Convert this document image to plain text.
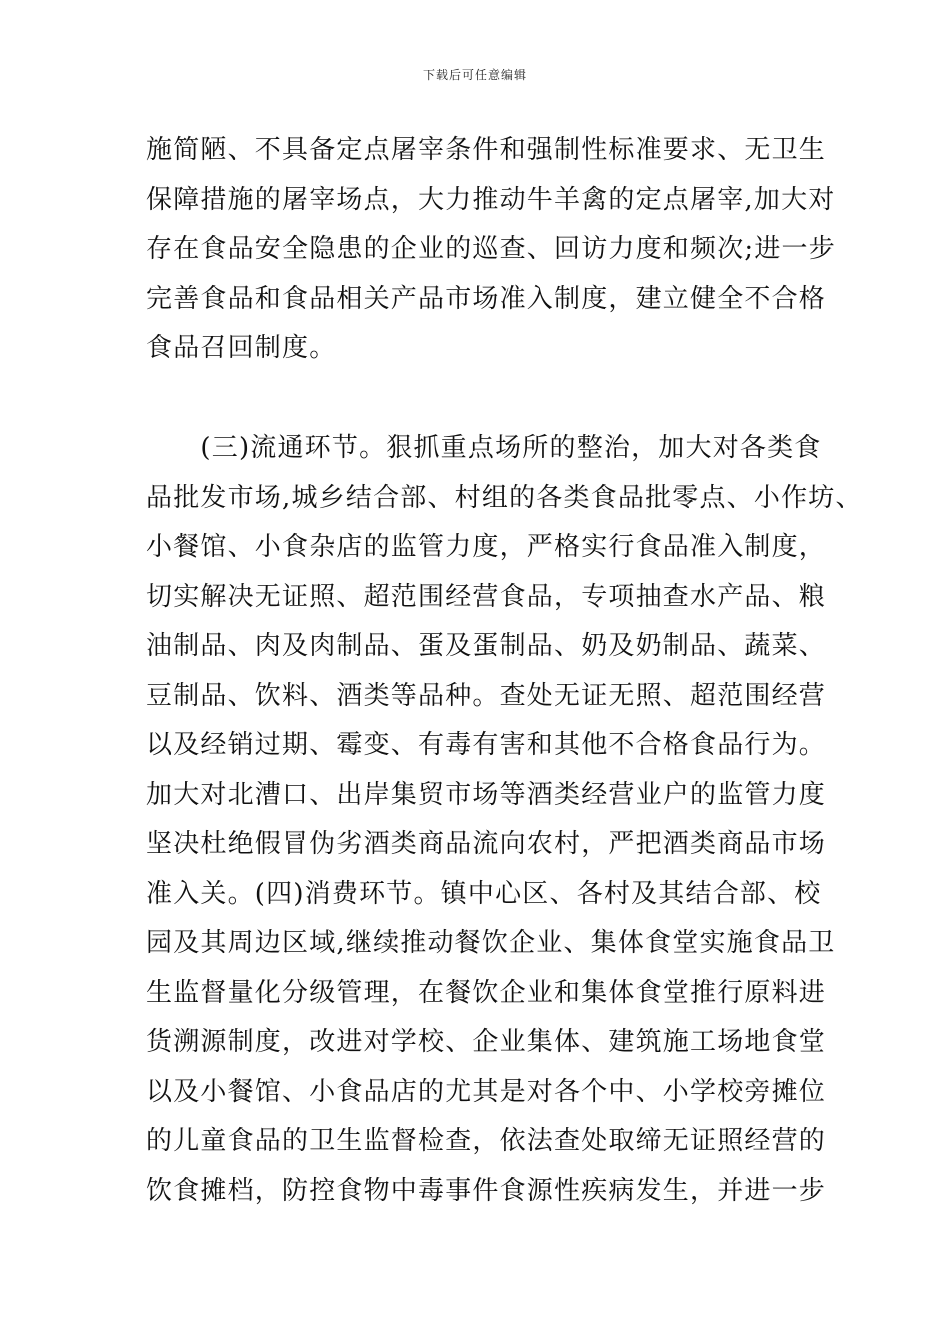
下载后可任意编辑
施简陋、不具备定点屠宰条件和强制性标准要求、无卫生
保障措施的屠宰场点，大力推动牛羊禽的定点屠宰,加大对
存在食品安全隐患的企业的巡查、回访力度和频次;进一步
完善食品和食品相关产品市场准入制度，建立健全不合格
食品召回制度。
　　(三)流通环节。狠抓重点场所的整治，加大对各类食
品批发市场,城乡结合部、村组的各类食品批零点、小作坊、
小餐馆、小食杂店的监管力度，严格实行食品准入制度，
切实解决无证照、超范围经营食品，专项抽查水产品、粮
油制品、肉及肉制品、蛋及蛋制品、奶及奶制品、蔬菜、
豆制品、饮料、酒类等品种。查处无证无照、超范围经营
以及经销过期、霉变、有毒有害和其他不合格食品行为。
加大对北漕口、出岸集贸市场等酒类经营业户的监管力度
坚决杜绝假冒伪劣酒类商品流向农村，严把酒类商品市场
准入关。(四)消费环节。镇中心区、各村及其结合部、校
园及其周边区域,继续推动餐饮企业、集体食堂实施食品卫
生监督量化分级管理，在餐饮企业和集体食堂推行原料进
货溯源制度，改进对学校、企业集体、建筑施工场地食堂
以及小餐馆、小食品店的尤其是对各个中、小学校旁摊位
的儿童食品的卫生监督检查，依法查处取缔无证照经营的
饮食摊档，防控食物中毒事件食源性疾病发生，并进一步
